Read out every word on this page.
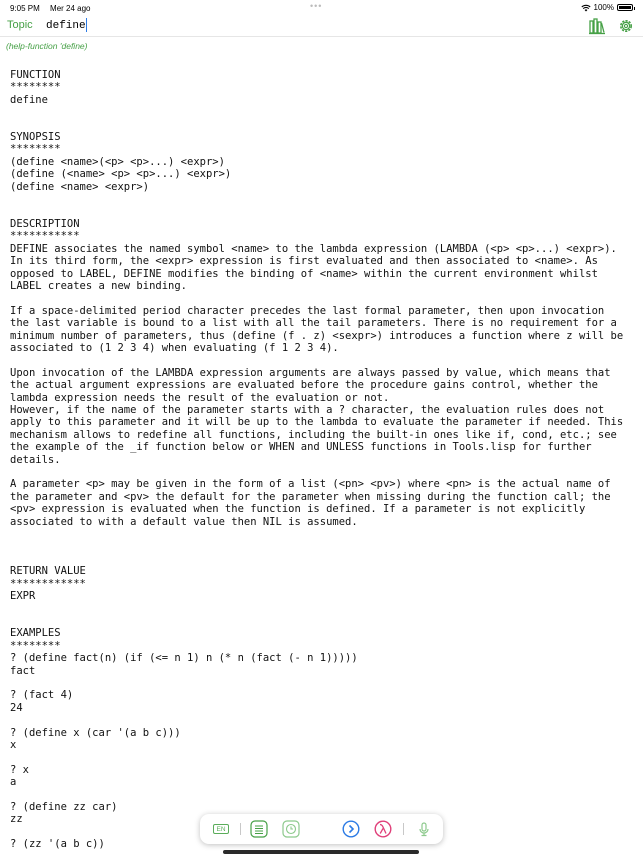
9:05 PM Mer 24 ago	•••	100%
Topic
define
(help-function 'define)
FUNCTION
********
define

SYNOPSIS
********
(define <name>(<p> <p>...) <expr>)
(define (<name> <p> <p>...) <expr>)
(define <name> <expr>)

DESCRIPTION
***********
DEFINE associates the named symbol <name> to the lambda expression (LAMBDA (<p> <p>...) <expr>).
In its third form, the <expr> expression is first evaluated and then associated to <name>. As
opposed to LABEL, DEFINE modifies the binding of <name> within the current environment whilst
LABEL creates a new binding.

If a space-delimited period character precedes the last formal parameter, then upon invocation
the last variable is bound to a list with all the tail parameters. There is no requirement for a
minimum number of parameters, thus (define (f . z) <sexpr>) introduces a function where z will be
associated to (1 2 3 4) when evaluating (f 1 2 3 4).

Upon invocation of the LAMBDA expression arguments are always passed by value, which means that
the actual argument expressions are evaluated before the procedure gains control, whether the
lambda expression needs the result of the evaluation or not.
However, if the name of the parameter starts with a ? character, the evaluation rules does not
apply to this parameter and it will be up to the lambda to evaluate the parameter if needed. This
mechanism allows to redefine all functions, including the built-in ones like if, cond, etc.; see
the example of the _if function below or WHEN and UNLESS functions in Tools.lisp for further
details.

A parameter <p> may be given in the form of a list (<pn> <pv>) where <pn> is the actual name of
the parameter and <pv> the default for the parameter when missing during the function call; the
<pv> expression is evaluated when the function is defined. If a parameter is not explicitly
associated to with a default value then NIL is assumed.

RETURN VALUE
************
EXPR

EXAMPLES
********
? (define fact(n) (if (<= n 1) n (* n (fact (- n 1)))))
fact

? (fact 4)
24

? (define x (car '(a b c)))
x

? x
a

? (define zz car)
zz

? (zz '(a b c))
EN
